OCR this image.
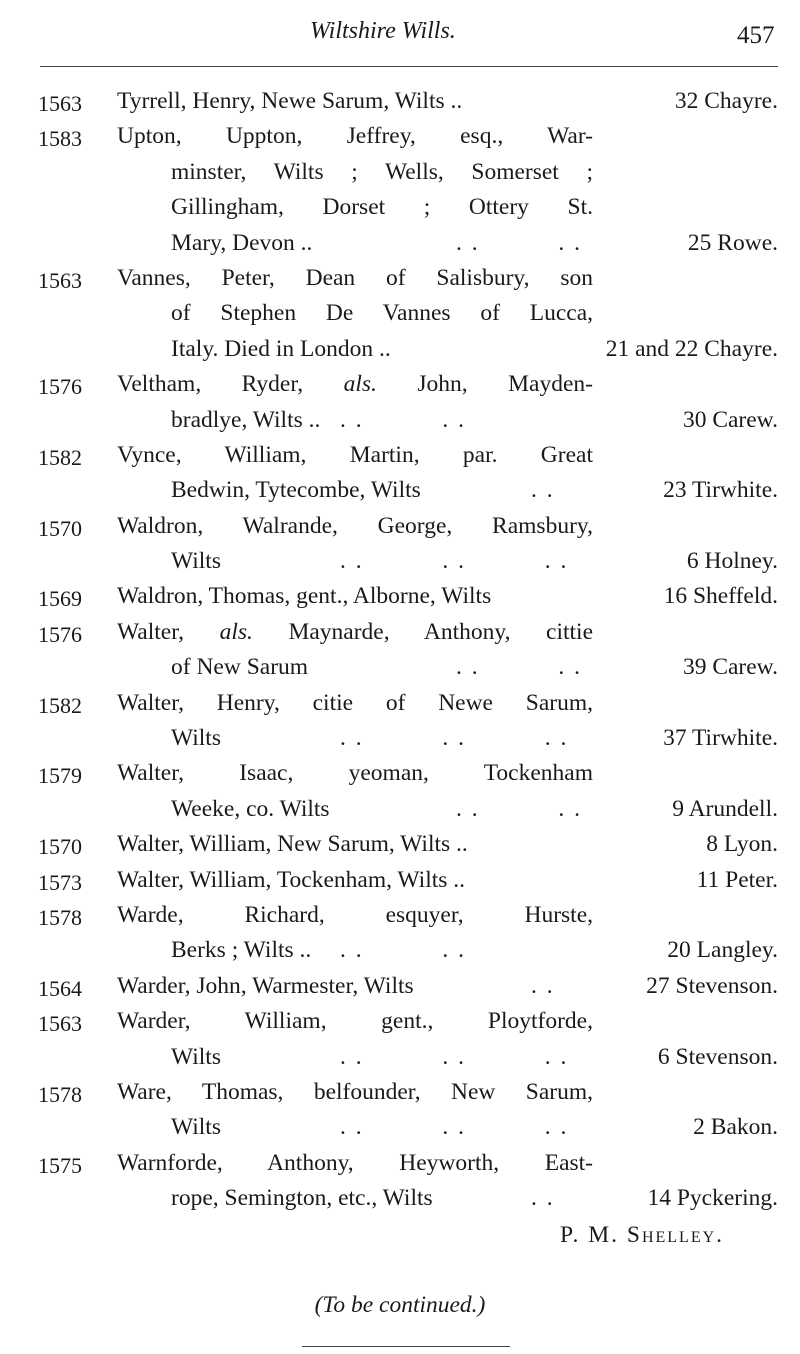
Wiltshire Wills.	457
1563 Tyrrell, Henry, Newe Sarum, Wilts ..	32 Chayre.
1583 Upton, Uppton, Jeffrey, esq., War-
minster, Wilts ; Wells, Somerset ;
Gillingham, Dorset ; Ottery St.
Mary, Devon ..	. .          . .	25 Rowe.
1563 Vannes, Peter, Dean of Salisbury, son
of Stephen De Vannes of Lucca,
Italy. Died in London ..	21 and 22 Chayre.
1576 Veltham, Ryder, als. John, Mayden-
bradlye, Wilts .. . .          . .	30 Carew.
1582 Vynce, William, Martin, par. Great
Bedwin, Tytecombe, Wilts	. .	23 Tirwhite.
1570 Waldron, Walrande, George, Ramsbury,
Wilts	. .          . .          . .	6 Holney.
1569 Waldron, Thomas, gent., Alborne, Wilts	16 Sheffeld.
1576 Walter, als. Maynarde, Anthony, cittie
of New Sarum	. .          . .	39 Carew.
1582 Walter, Henry, citie of Newe Sarum,
Wilts	. .          . .          . .	37 Tirwhite.
1579 Walter, Isaac, yeoman, Tockenham
Weeke, co. Wilts	. .          . .	9 Arundell.
1570 Walter, William, New Sarum, Wilts ..	8 Lyon.
1573 Walter, William, Tockenham, Wilts ..	11 Peter.
1578 Warde, Richard, esquyer, Hurste,
Berks ; Wilts ..	. .          . .	20 Langley.
1564 Warder, John, Warmester, Wilts	. .	27 Stevenson.
1563 Warder, William, gent., Ploytforde,
Wilts	. .          . .          . .	6 Stevenson.
1578 Ware, Thomas, belfounder, New Sarum,
Wilts	. .          . .          . .	2 Bakon.
1575 Warnforde, Anthony, Heyworth, East-
rope, Semington, etc., Wilts	. .	14 Pyckering.
P. M. Shelley.
(To be continued.)
